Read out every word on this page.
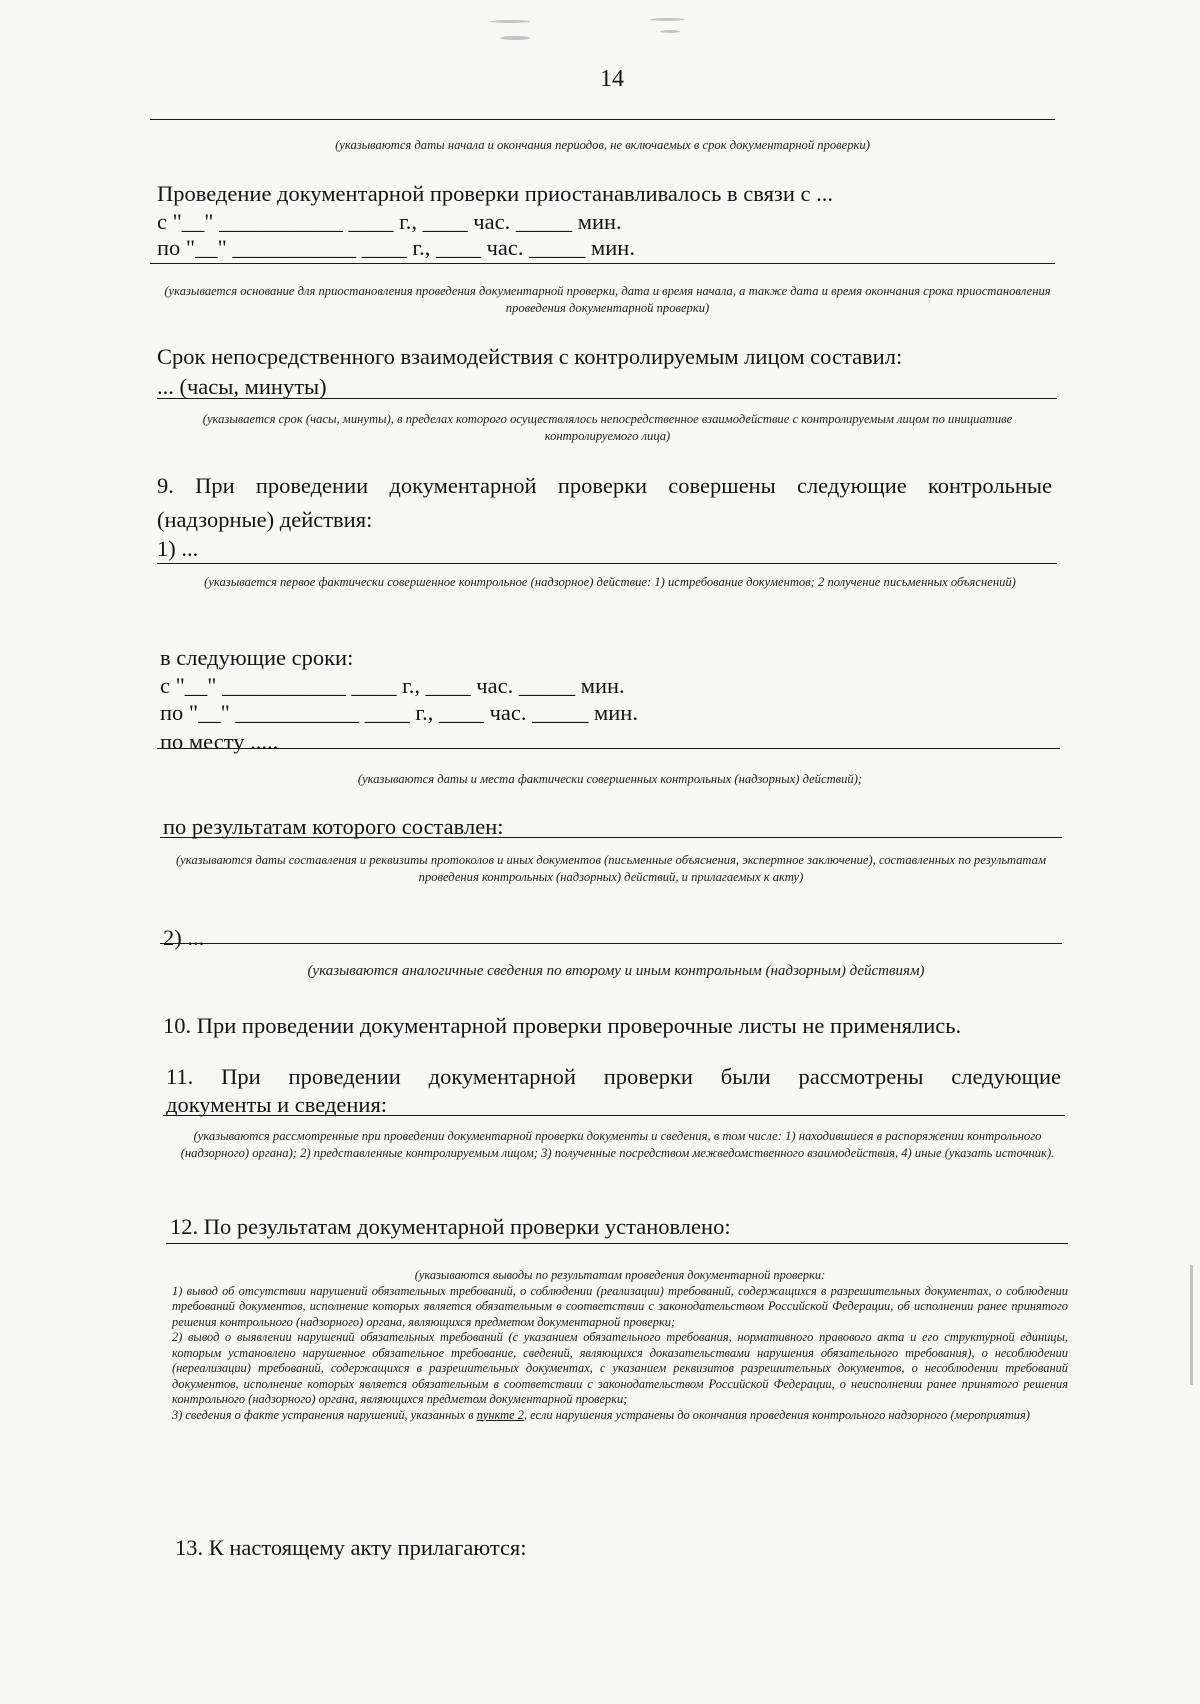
14
(указываются даты начала и окончания периодов, не включаемых в срок документарной проверки)
Проведение документарной проверки приостанавливалось в связи с ...
с "__" ___________ ____ г., ____ час. _____ мин.
по "__" ___________ ____ г., ____ час. _____ мин.
(указывается основание для приостановления проведения документарной проверки, дата и время начала, а также дата и время окончания срока приостановления проведения документарной проверки)
Срок непосредственного взаимодействия с контролируемым лицом составил:
... (часы, минуты)
(указывается срок (часы, минуты), в пределах которого осуществлялось непосредственное взаимодействие с контролируемым лицом по инициативе контролируемого лица)
9. При проведении документарной проверки совершены следующие контрольные
(надзорные) действия:
1) ...
(указывается первое фактически совершенное контрольное (надзорное) действие: 1) истребование документов; 2 получение письменных объяснений)
в следующие сроки:
с "__" ___________ ____ г., ____ час. _____ мин.
по "__" ___________ ____ г., ____ час. _____ мин.
по месту .....
(указываются даты и места фактически совершенных контрольных (надзорных) действий);
по результатам которого составлен:
(указываются даты составления и реквизиты протоколов и иных документов (письменные объяснения, экспертное заключение), составленных по результатам проведения контрольных (надзорных) действий, и прилагаемых к акту)
2) ...
(указываются аналогичные сведения по второму и иным контрольным (надзорным) действиям)
10. При проведении документарной проверки проверочные листы не применялись.
11. При проведении документарной проверки были рассмотрены следующие
документы и сведения:
(указываются рассмотренные при проведении документарной проверки документы и сведения, в том числе: 1) находившиеся в распоряжении контрольного (надзорного) органа); 2) представленные контролируемым лицом; 3) полученные посредством межведомственного взаимодействия, 4) иные (указать источник).
12. По результатам документарной проверки установлено:
(указываются выводы по результатам проведения документарной проверки:
1) вывод об отсутствии нарушений обязательных требований, о соблюдении (реализации) требований, содержащихся в разрешительных документах, о соблюдении требований документов, исполнение которых является обязательным в соответствии с законодательством Российской Федерации, об исполнении ранее принятого решения контрольного (надзорного) органа, являющихся предметом документарной проверки;
2) вывод о выявлении нарушений обязательных требований (с указанием обязательного требования, нормативного правового акта и его структурной единицы, которым установлено нарушенное обязательное требование, сведений, являющихся доказательствами нарушения обязательного требования), о несоблюдении (нереализации) требований, содержащихся в разрешительных документах, с указанием реквизитов разрешительных документов, о несоблюдении требований документов, исполнение которых является обязательным в соответствии с законодательством Российской Федерации, о неисполнении ранее принятого решения контрольного (надзорного) органа, являющихся предметом документарной проверки;
3) сведения о факте устранения нарушений, указанных в пункте 2, если нарушения устранены до окончания проведения контрольного надзорного (мероприятия)
13. К настоящему акту прилагаются:
